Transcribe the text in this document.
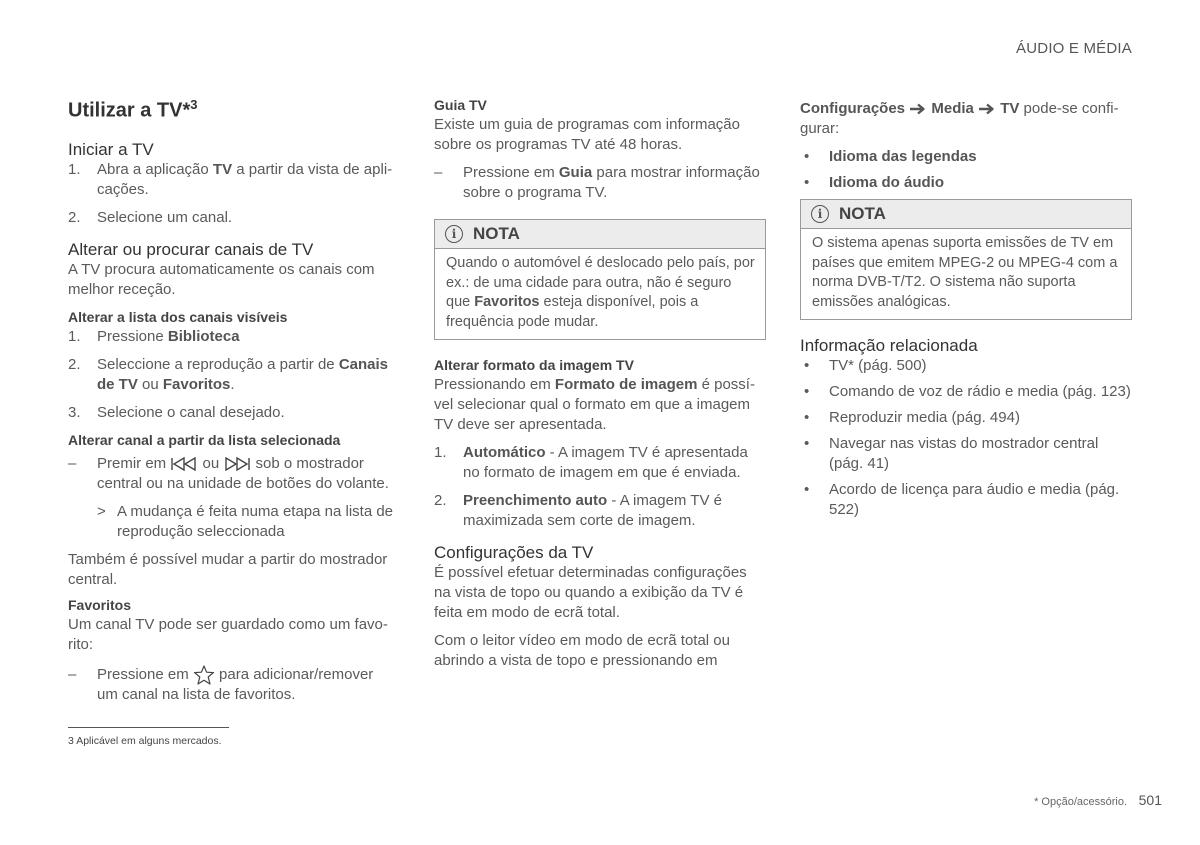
ÁUDIO E MÉDIA
Utilizar a TV*$^3$
Iniciar a TV
1.	Abra a aplicação TV a partir da vista de apli-cações.
2.	Selecione um canal.
Alterar ou procurar canais de TV

A TV procura automaticamente os canais com melhor receção.

Alterar a lista dos canais visíveis
1.	Pressione Biblioteca
2.	Seleccione a reprodução a partir de Canais de TV ou Favoritos.
3.	Selecione o canal desejado.
Alterar canal a partir da lista selecionada
–	Premir em  ou  sob o mostrador central ou na unidade de botões do volante.
> A mudança é feita numa etapa na lista de reprodução seleccionada

Também é possível mudar a partir do mostrador central.

Favoritos

Um canal TV pode ser guardado como um favo-rito:

–	Pressione em  para adicionar/remover um canal na lista de favoritos.
Guia TV

Existe um guia de programas com informação sobre os programas TV até 48 horas.

–	Pressione em Guia para mostrar informação sobre o programa TV.
i NOTA
Quando o automóvel é deslocado pelo país, por ex.: de uma cidade para outra, não é seguro que Favoritos esteja disponível, pois a frequência pode mudar.
Alterar formato da imagem TV

Pressionando em Formato de imagem é possí-vel selecionar qual o formato em que a imagem TV deve ser apresentada.

1.	Automático - A imagem TV é apresentada no formato de imagem em que é enviada.
2.	Preenchimento auto - A imagem TV é maximizada sem corte de imagem.
Configurações da TV

É possível efetuar determinadas configurações na vista de topo ou quando a exibição da TV é feita em modo de ecrã total.

Com o leitor vídeo em modo de ecrã total ou abrindo a vista de topo e pressionando em

Configurações Media TV pode-se confi-gurar:

•	Idioma das legendas
•	Idioma do áudio
i NOTA
O sistema apenas suporta emissões de TV em países que emitem MPEG-2 ou MPEG-4 com a norma DVB-T/T2. O sistema não suporta emissões analógicas.
Informação relacionada
•	TV* (pág. 500)
•	Comando de voz de rádio e media (pág. 123)
•	Reproduzir media (pág. 494)
•	Navegar nas vistas do mostrador central (pág. 41)
•	Acordo de licença para áudio e media (pág. 522)
3 Aplicável em alguns mercados.
* Opção/acessório. 501
